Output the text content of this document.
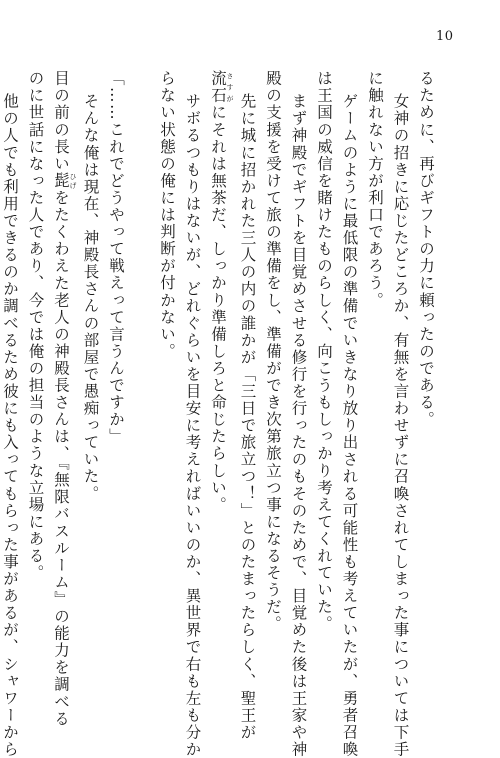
10
るために、再びギフトの力に頼ったのである。
女神の招きに応じたどころか、有無を言わせずに召喚されてしまった事については下手
に触れない方が利口であろう。
ゲームのように最低限の準備でいきなり放り出される可能性も考えていたが、勇者召喚
は王国の威信を賭けたものらしく、向こうもしっかり考えてくれていた。
まず神殿でギフトを目覚めさせる修行を行ったのもそのためで、目覚めた後は王家や神
殿の支援を受けて旅の準備をし、準備ができ次第旅立つ事になるそうだ。
先に城に招かれた三人の内の誰かが「三日で旅立つ！」とのたまったらしく、聖王が
流石 さすがにそれは無茶だ、しっかり準備しろと命じたらしい。
サボるつもりはないが、どれぐらいを目安に考えればいいのか、異世界で右も左も分か
らない状態の俺には判断が付かない。
「……これでどうやって戦えって言うんですか」
そんな俺は現在、神殿長さんの部屋で愚痴っていた。
目の前の長い髭 ひげをたくわえた老人の神殿長さんは、『無限バスルーム』の能力を調べる
のに世話になった人であり、今では俺の担当のような立場にある。
他の人でも利用できるのか調べるため彼にも入ってもらった事があるが、シャワーから
